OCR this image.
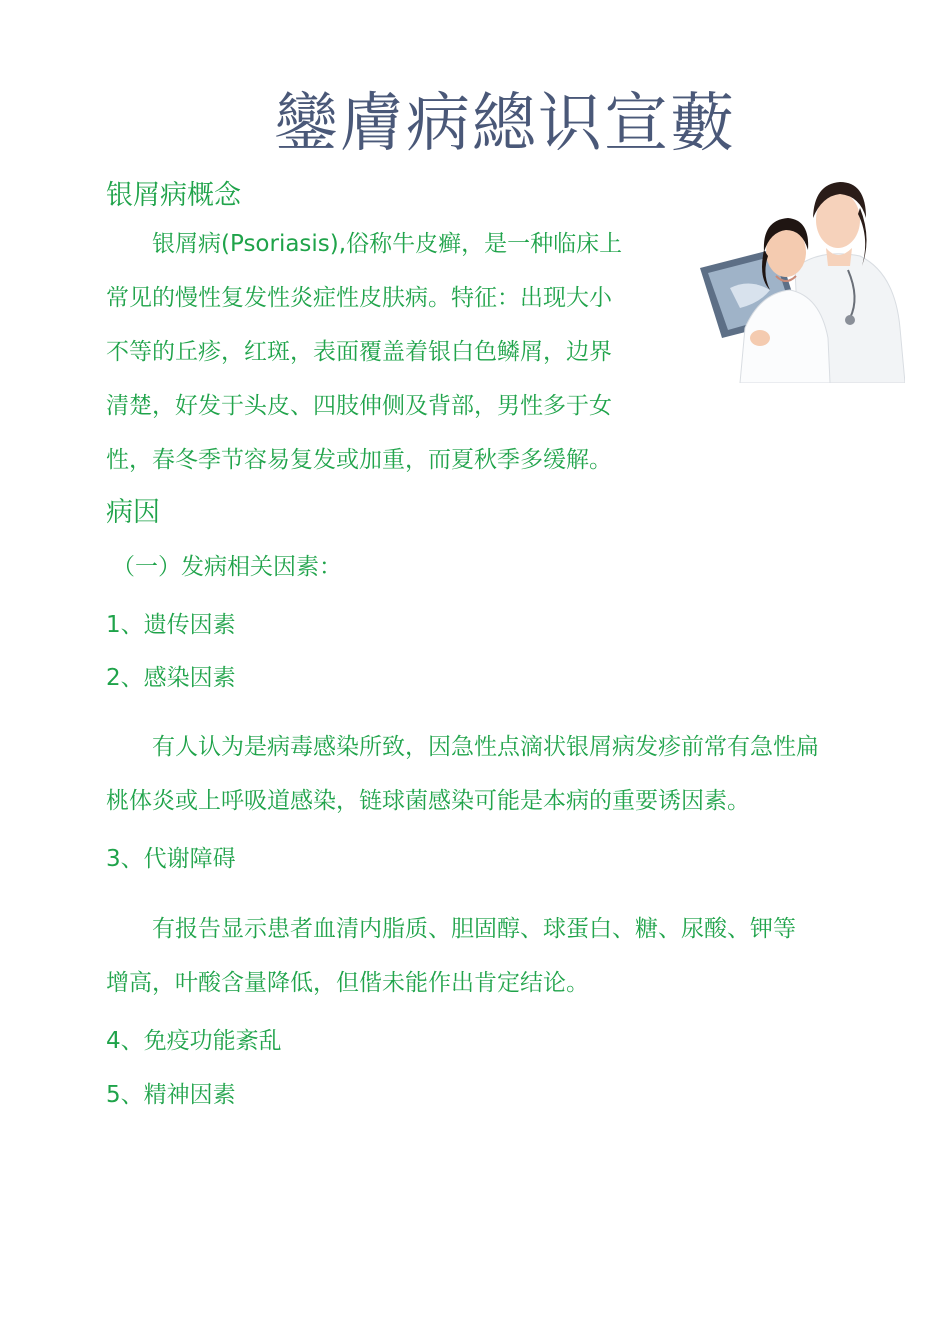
鑾膚病總识宣藪
银屑病概念
　　银屑病(Psoriasis),俗称牛皮癣，是一种临床上
常见的慢性复发性炎症性皮肤病。特征：出现大小
不等的丘疹，红斑，表面覆盖着银白色鳞屑，边界
清楚，好发于头皮、四肢伸侧及背部，男性多于女
性，春冬季节容易复发或加重，而夏秋季多缓解。
病因
（一）发病相关因素：
1、遗传因素
2、感染因素
　　有人认为是病毒感染所致，因急性点滴状银屑病发疹前常有急性扁
桃体炎或上呼吸道感染，链球菌感染可能是本病的重要诱因素。
3、代谢障碍
　　有报告显示患者血清内脂质、胆固醇、球蛋白、糖、尿酸、钾等
增高，叶酸含量降低，但偕未能作出肯定结论。
4、免疫功能紊乱
5、精神因素
